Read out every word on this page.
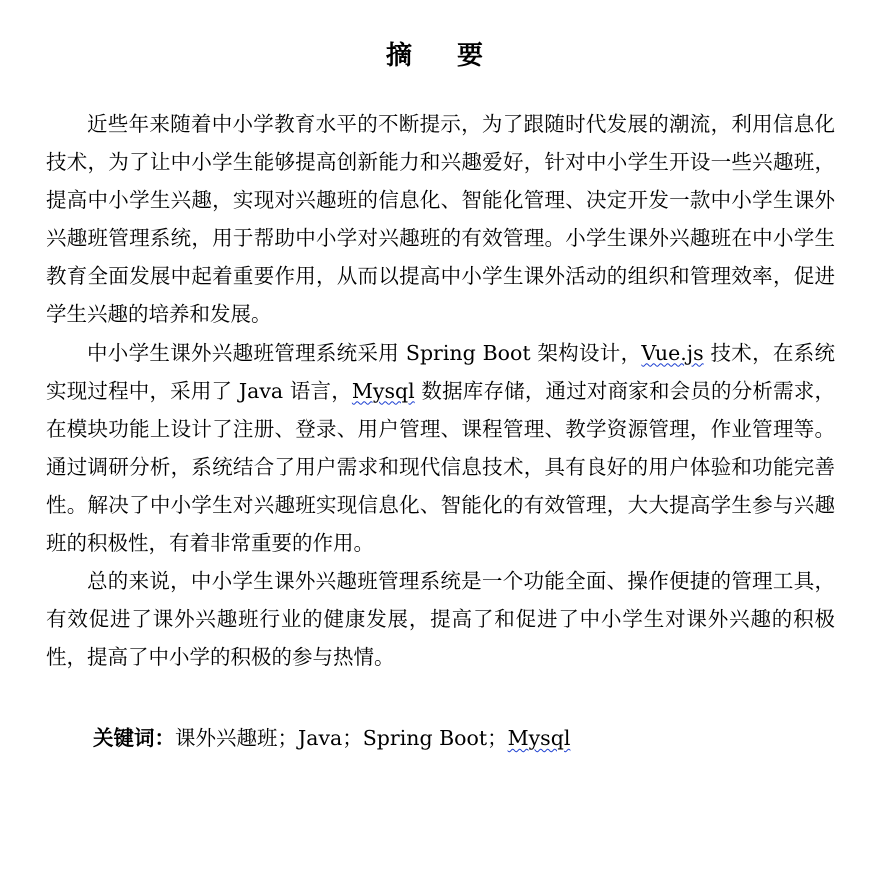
摘 要

近些年来随着中小学教育水平的不断提示，为了跟随时代发展的潮流，利用信息化技术，为了让中小学生能够提高创新能力和兴趣爱好，针对中小学生开设一些兴趣班，提高中小学生兴趣，实现对兴趣班的信息化、智能化管理、决定开发一款中小学生课外兴趣班管理系统，用于帮助中小学对兴趣班的有效管理。小学生课外兴趣班在中小学生教育全面发展中起着重要作用，从而以提高中小学生课外活动的组织和管理效率，促进学生兴趣的培养和发展。

中小学生课外兴趣班管理系统采用 Spring Boot 架构设计，Vue.js 技术，在系统实现过程中，采用了 Java 语言，Mysql 数据库存储，通过对商家和会员的分析需求，在模块功能上设计了注册、登录、用户管理、课程管理、教学资源管理，作业管理等。通过调研分析，系统结合了用户需求和现代信息技术，具有良好的用户体验和功能完善性。解决了中小学生对兴趣班实现信息化、智能化的有效管理，大大提高学生参与兴趣班的积极性，有着非常重要的作用。

总的来说，中小学生课外兴趣班管理系统是一个功能全面、操作便捷的管理工具，有效促进了课外兴趣班行业的健康发展，提高了和促进了中小学生对课外兴趣的积极性，提高了中小学的积极的参与热情。

关键词：课外兴趣班；Java；Spring Boot；Mysql
